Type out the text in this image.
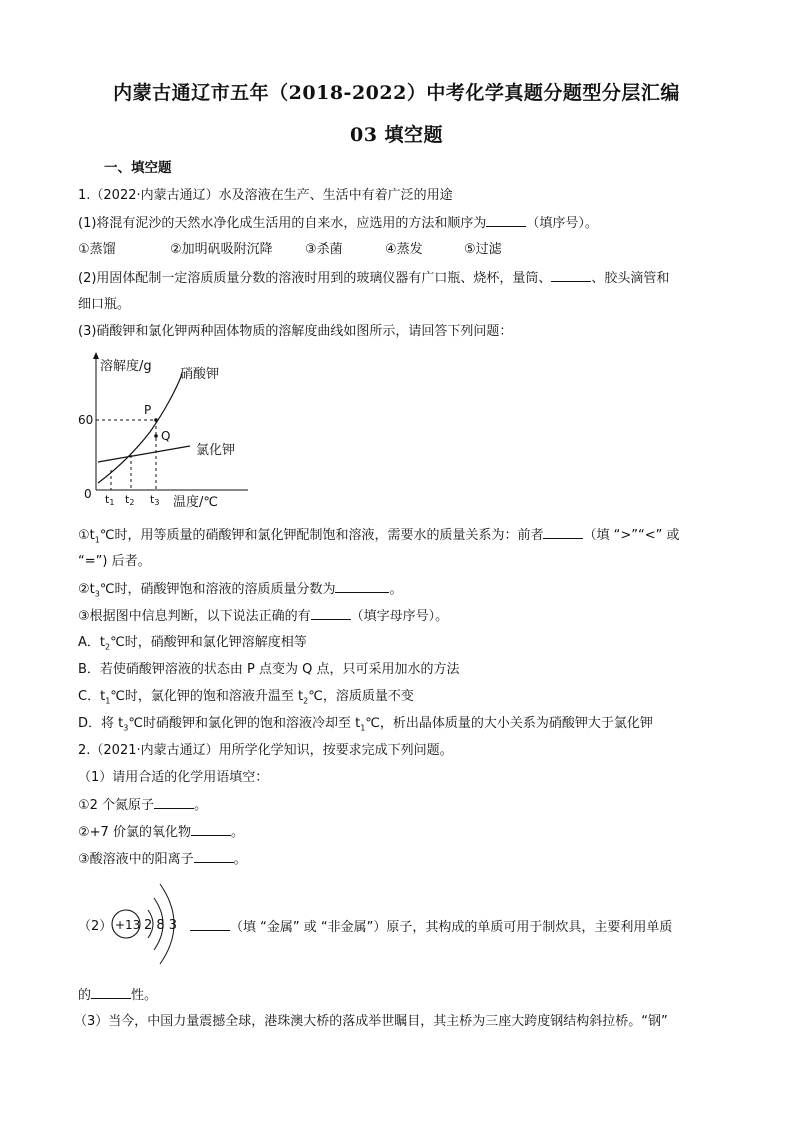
内蒙古通辽市五年（2018-2022）中考化学真题分题型分层汇编
03 填空题
一、填空题
1.（2022·内蒙古通辽）水及溶液在生产、生活中有着广泛的用途
(1)将混有泥沙的天然水净化成生活用的自来水，应选用的方法和顺序为	（填序号）。
①蒸馏	②加明矾吸附沉降 ③杀菌	④蒸发	⑤过滤
(2)用固体配制一定溶质质量分数的溶液时用到的玻璃仪器有广口瓶、烧杯，量筒、	、胶头滴管和
细口瓶。
(3)硝酸钾和氯化钾两种固体物质的溶解度曲线如图所示，请回答下列问题：
溶解度/g
温度/℃
0
60
硝酸钾
氯化钾
P
Q
t1 t2 t3
$①t_1℃$时，用等质量的硝酸钾和氯化钾配制饱和溶液，需要水的质量关系为：前者	（填 “>”“<” 或
“=”) 后者。
$②t_3℃$时，硝酸钾饱和溶液的溶质质量分数为	。
③根据图中信息判断，以下说法正确的有	（填字母序号）。
A．$t_2℃$时，硝酸钾和氯化钾溶解度相等
B．若使硝酸钾溶液的状态由 P 点变为 Q 点，只可采用加水的方法
C．$t_1℃$时，氯化钾的饱和溶液升温至 $t_2℃$，溶质质量不变
D．将 $t_3℃$时硝酸钾和氯化钾的饱和溶液冷却至 $t_1℃$，析出晶体质量的大小关系为硝酸钾大于氯化钾
2.（2021·内蒙古通辽）用所学化学知识，按要求完成下列问题。
（1）请用合适的化学用语填空：
①2 个氮原子	。
②+7 价氯的氧化物	。
③酸溶液中的阳离子	。
（2） +13 2 8 3	（填 “金属” 或 “非金属”）原子，其构成的单质可用于制炊具，主要利用单质
的	性。
（3）当今，中国力量震撼全球，港珠澳大桥的落成举世瞩目，其主桥为三座大跨度钢结构斜拉桥。“钢”
